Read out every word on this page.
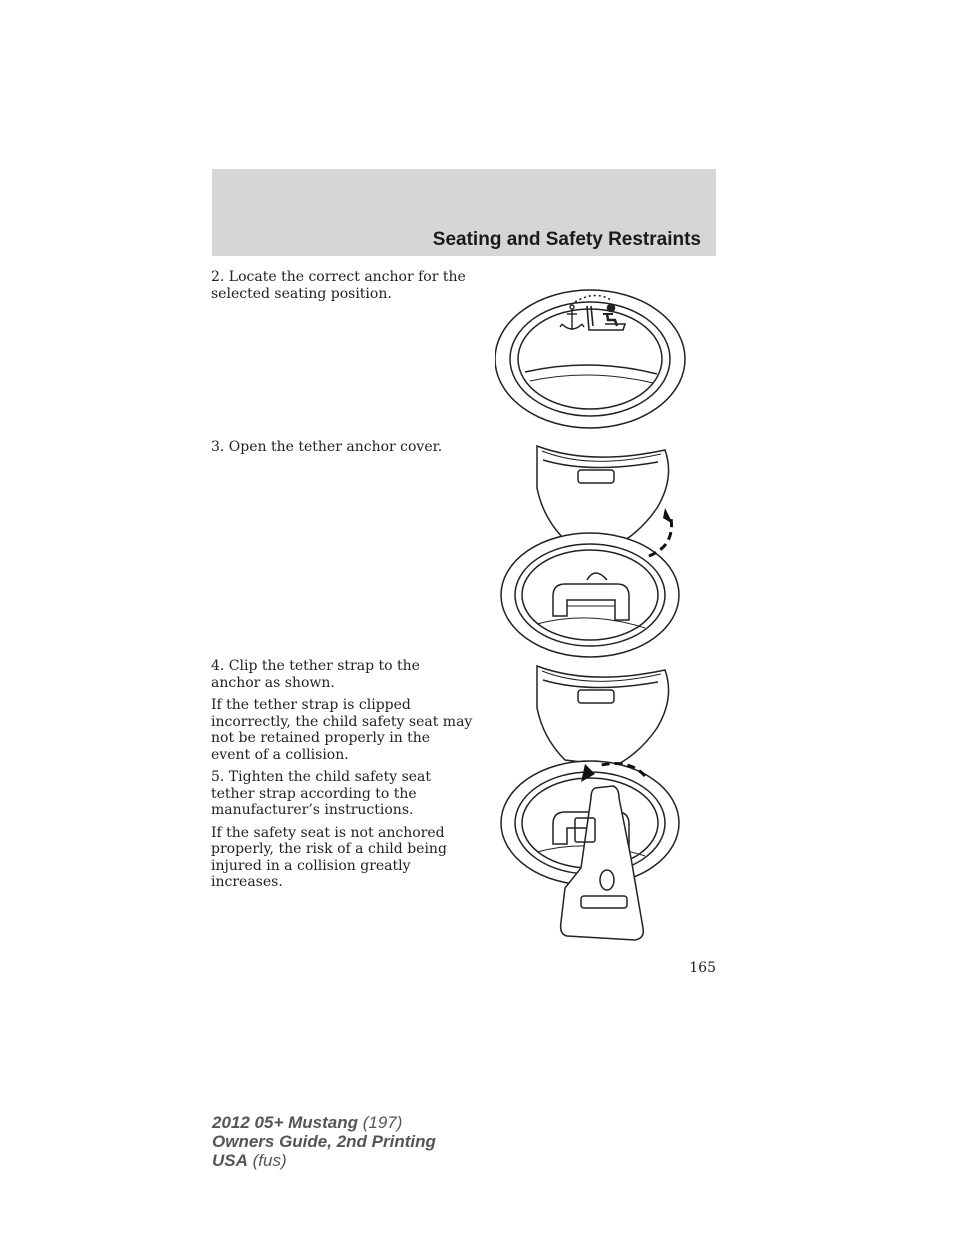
Seating and Safety Restraints

2. Locate the correct anchor for the selected seating position.

3. Open the tether anchor cover.

4. Clip the tether strap to the anchor as shown.

If the tether strap is clipped incorrectly, the child safety seat may not be retained properly in the event of a collision.

5. Tighten the child safety seat tether strap according to the manufacturer’s instructions.

If the safety seat is not anchored properly, the risk of a child being injured in a collision greatly increases.

165
2012 05+ Mustang (197)
Owners Guide, 2nd Printing
USA (fus)
